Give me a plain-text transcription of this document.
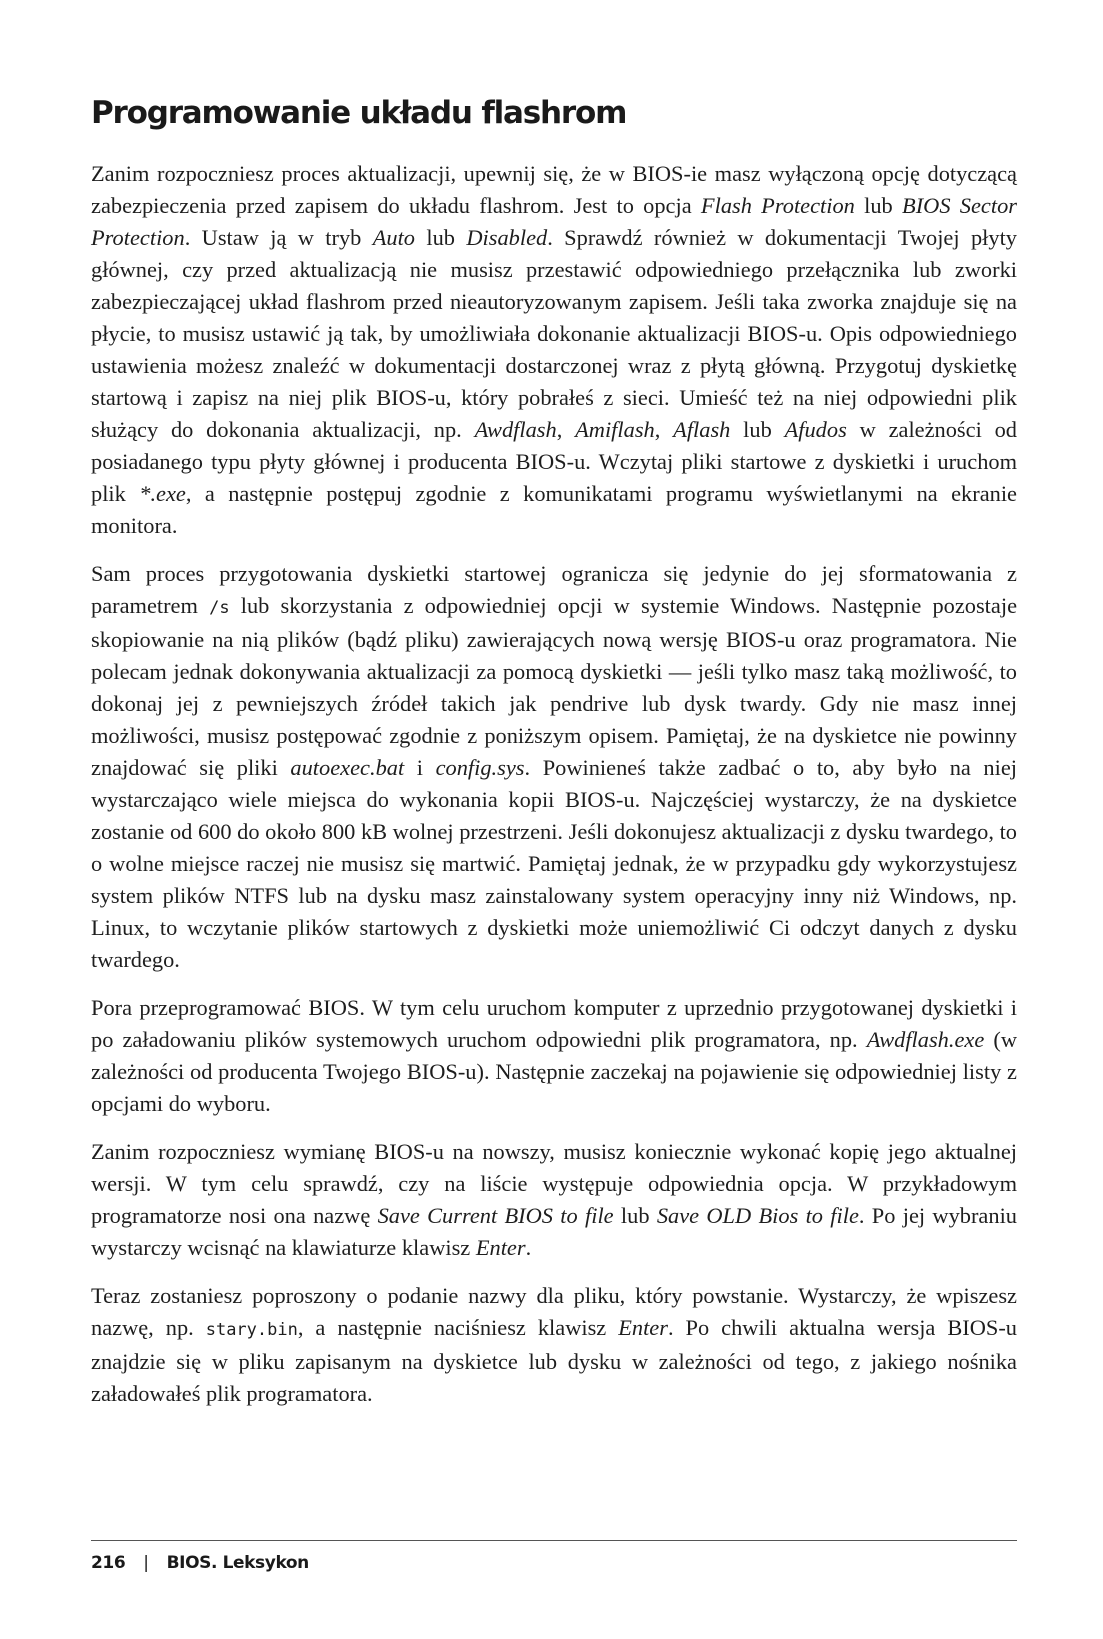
Programowanie układu flashrom

Zanim rozpoczniesz proces aktualizacji, upewnij się, że w BIOS-ie masz wyłączoną opcję dotyczącą zabezpieczenia przed zapisem do układu flashrom. Jest to opcja Flash Protection lub BIOS Sector Protection. Ustaw ją w tryb Auto lub Disabled. Sprawdź również w dokumentacji Twojej płyty głównej, czy przed aktualizacją nie musisz przestawić odpowiedniego przełącznika lub zworki zabezpieczającej układ flashrom przed nieautoryzowanym zapisem. Jeśli taka zworka znajduje się na płycie, to musisz ustawić ją tak, by umożliwiała dokonanie aktualizacji BIOS-u. Opis odpowiedniego ustawienia możesz znaleźć w dokumentacji dostarczonej wraz z płytą główną. Przygotuj dyskietkę startową i zapisz na niej plik BIOS-u, który pobrałeś z sieci. Umieść też na niej odpowiedni plik służący do dokonania aktualizacji, np. Awdflash, Amiflash, Aflash lub Afudos w zależności od posiadanego typu płyty głównej i producenta BIOS-u. Wczytaj pliki startowe z dyskietki i uruchom plik *.exe, a następnie postępuj zgodnie z komunikatami programu wyświetlanymi na ekranie monitora.

Sam proces przygotowania dyskietki startowej ogranicza się jedynie do jej sformatowania z parametrem /s lub skorzystania z odpowiedniej opcji w systemie Windows. Następnie pozostaje skopiowanie na nią plików (bądź pliku) zawierających nową wersję BIOS-u oraz programatora. Nie polecam jednak dokonywania aktualizacji za pomocą dyskietki — jeśli tylko masz taką możliwość, to dokonaj jej z pewniejszych źródeł takich jak pendrive lub dysk twardy. Gdy nie masz innej możliwości, musisz postępować zgodnie z poniższym opisem. Pamiętaj, że na dyskietce nie powinny znajdować się pliki autoexec.bat i config.sys. Powinieneś także zadbać o to, aby było na niej wystarczająco wiele miejsca do wykonania kopii BIOS-u. Najczęściej wystarczy, że na dyskietce zostanie od 600 do około 800 kB wolnej przestrzeni. Jeśli dokonujesz aktualizacji z dysku twardego, to o wolne miejsce raczej nie musisz się martwić. Pamiętaj jednak, że w przypadku gdy wykorzystujesz system plików NTFS lub na dysku masz zainstalowany system operacyjny inny niż Windows, np. Linux, to wczytanie plików startowych z dyskietki może uniemożliwić Ci odczyt danych z dysku twardego.

Pora przeprogramować BIOS. W tym celu uruchom komputer z uprzednio przygotowanej dyskietki i po załadowaniu plików systemowych uruchom odpowiedni plik programatora, np. Awdflash.exe (w zależności od producenta Twojego BIOS-u). Następnie zaczekaj na pojawienie się odpowiedniej listy z opcjami do wyboru.

Zanim rozpoczniesz wymianę BIOS-u na nowszy, musisz koniecznie wykonać kopię jego aktualnej wersji. W tym celu sprawdź, czy na liście występuje odpowiednia opcja. W przykładowym programatorze nosi ona nazwę Save Current BIOS to file lub Save OLD Bios to file. Po jej wybraniu wystarczy wcisnąć na klawiaturze klawisz Enter.

Teraz zostaniesz poproszony o podanie nazwy dla pliku, który powstanie. Wystarczy, że wpiszesz nazwę, np. stary.bin, a następnie naciśniesz klawisz Enter. Po chwili aktualna wersja BIOS-u znajdzie się w pliku zapisanym na dyskietce lub dysku w zależności od tego, z jakiego nośnika załadowałeś plik programatora.

216 | BIOS. Leksykon
